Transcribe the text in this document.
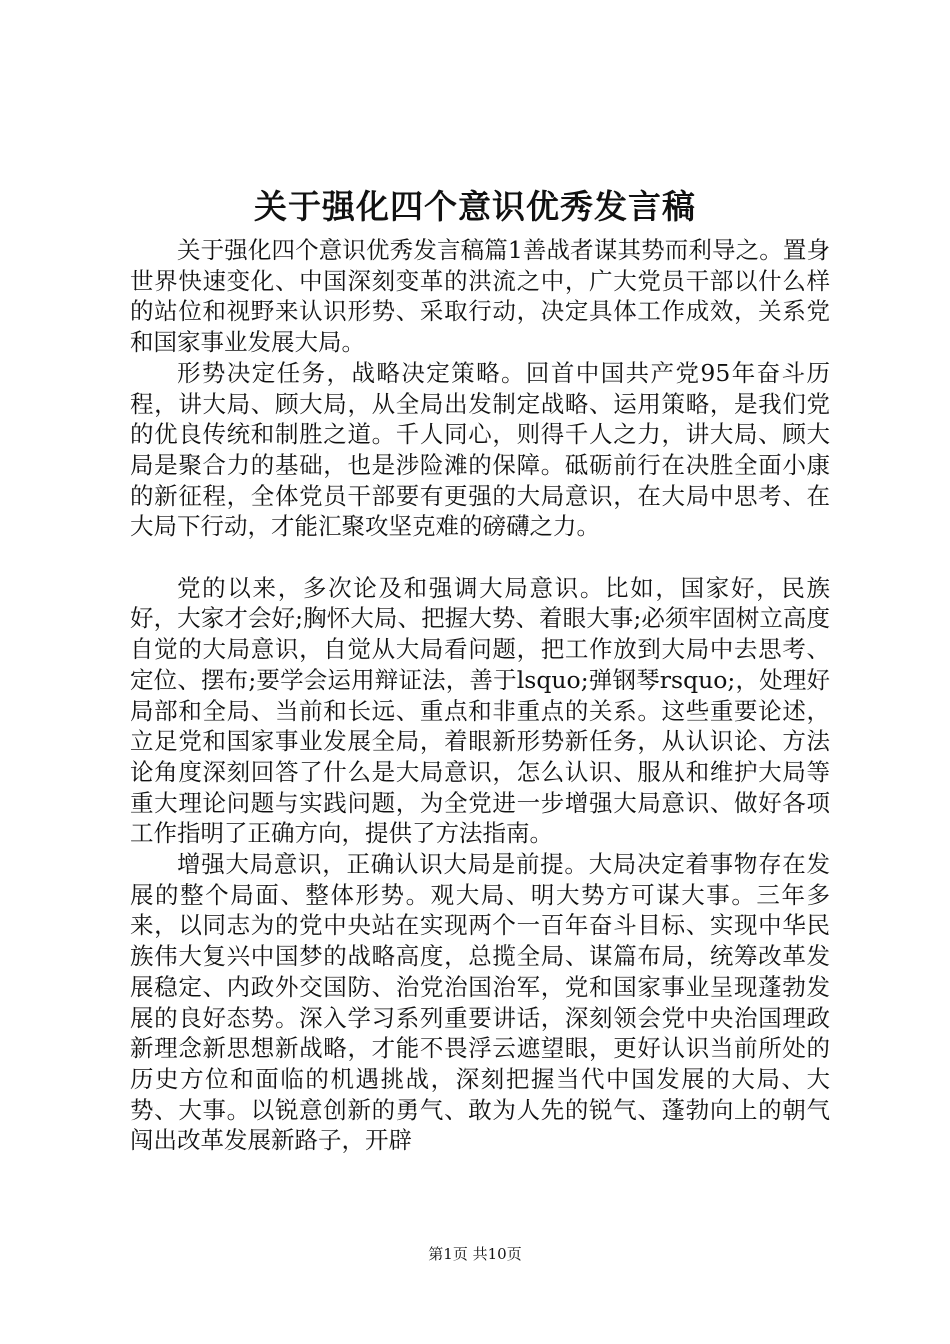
关于强化四个意识优秀发言稿

关于强化四个意识优秀发言稿篇1善战者谋其势而利导之。置身世界快速变化、中国深刻变革的洪流之中，广大党员干部以什么样的站位和视野来认识形势、采取行动，决定具体工作成效，关系党和国家事业发展大局。

形势决定任务，战略决定策略。回首中国共产党95年奋斗历程，讲大局、顾大局，从全局出发制定战略、运用策略，是我们党的优良传统和制胜之道。千人同心，则得千人之力，讲大局、顾大局是聚合力的基础，也是涉险滩的保障。砥砺前行在决胜全面小康的新征程，全体党员干部要有更强的大局意识，在大局中思考、在大局下行动，才能汇聚攻坚克难的磅礴之力。

党的以来，多次论及和强调大局意识。比如，国家好，民族好，大家才会好;胸怀大局、把握大势、着眼大事;必须牢固树立高度自觉的大局意识，自觉从大局看问题，把工作放到大局中去思考、定位、摆布;要学会运用辩证法，善于lsquo;弹钢琴rsquo;，处理好局部和全局、当前和长远、重点和非重点的关系。这些重要论述，立足党和国家事业发展全局，着眼新形势新任务，从认识论、方法论角度深刻回答了什么是大局意识，怎么认识、服从和维护大局等重大理论问题与实践问题，为全党进一步增强大局意识、做好各项工作指明了正确方向，提供了方法指南。

增强大局意识，正确认识大局是前提。大局决定着事物存在发展的整个局面、整体形势。观大局、明大势方可谋大事。三年多来，以同志为的党中央站在实现两个一百年奋斗目标、实现中华民族伟大复兴中国梦的战略高度，总揽全局、谋篇布局，统筹改革发展稳定、内政外交国防、治党治国治军，党和国家事业呈现蓬勃发展的良好态势。深入学习系列重要讲话，深刻领会党中央治国理政新理念新思想新战略，才能不畏浮云遮望眼，更好认识当前所处的历史方位和面临的机遇挑战，深刻把握当代中国发展的大局、大势、大事。以锐意创新的勇气、敢为人先的锐气、蓬勃向上的朝气闯出改革发展新路子，开辟

第1页 共10页
